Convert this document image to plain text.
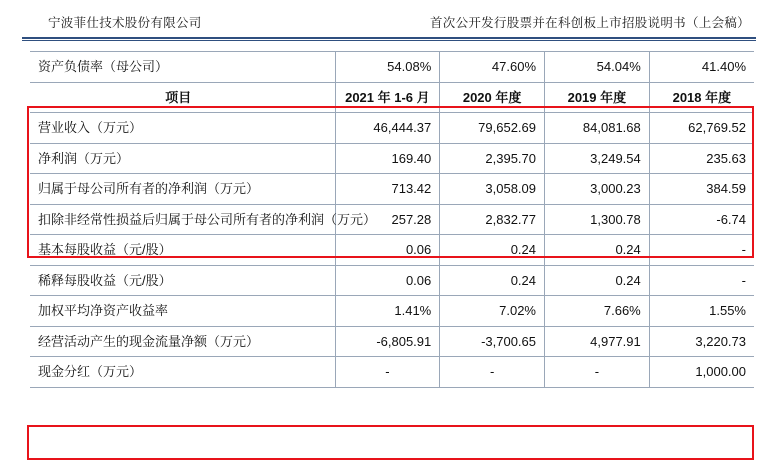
宁波菲仕技术股份有限公司	首次公开发行股票并在科创板上市招股说明书（上会稿）
资产负债率（母公司）	54.08%	47.60%	54.04%	41.40%
项目	2021 年 1-6 月	2020 年度	2019 年度	2018 年度
营业收入（万元）	46,444.37	79,652.69	84,081.68	62,769.52
净利润（万元）	169.40	2,395.70	3,249.54	235.63
归属于母公司所有者的净利润（万元）	713.42	3,058.09	3,000.23	384.59
扣除非经常性损益后归属于母公司所有者的净利润（万元）	257.28	2,832.77	1,300.78	-6.74
基本每股收益（元/股）	0.06	0.24	0.24	-
稀释每股收益（元/股）	0.06	0.24	0.24	-
加权平均净资产收益率	1.41%	7.02%	7.66%	1.55%
经营活动产生的现金流量净额（万元）	-6,805.91	-3,700.65	4,977.91	3,220.73
现金分红（万元）	-	-	-	1,000.00
